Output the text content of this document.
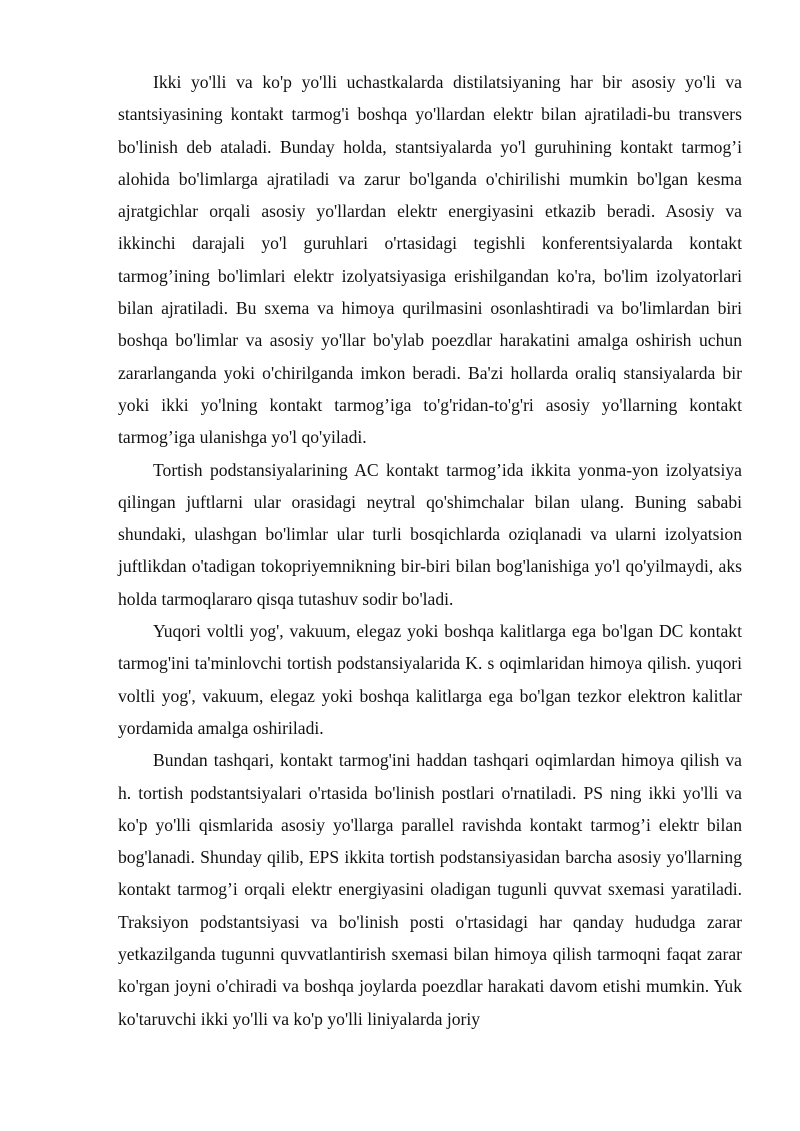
Ikki yo'lli va ko'p yo'lli uchastkalarda distilatsiyaning har bir asosiy yo'li va stantsiyasining kontakt tarmog'i boshqa yo'llardan elektr bilan ajratiladi-bu transvers bo'linish deb ataladi. Bunday holda, stantsiyalarda yo'l guruhining kontakt tarmog’i alohida bo'limlarga ajratiladi va zarur bo'lganda o'chirilishi mumkin bo'lgan kesma ajratgichlar orqali asosiy yo'llardan elektr energiyasini etkazib beradi. Asosiy va ikkinchi darajali yo'l guruhlari o'rtasidagi tegishli konferentsiyalarda kontakt tarmog’ining bo'limlari elektr izolyatsiyasiga erishilgandan ko'ra, bo'lim izolyatorlari bilan ajratiladi. Bu sxema va himoya qurilmasini osonlashtiradi va bo'limlardan biri boshqa bo'limlar va asosiy yo'llar bo'ylab poezdlar harakatini amalga oshirish uchun zararlanganda yoki o'chirilganda imkon beradi. Ba'zi hollarda oraliq stansiyalarda bir yoki ikki yo'lning kontakt tarmog’iga to'g'ridan-to'g'ri asosiy yo'llarning kontakt tarmog’iga ulanishga yo'l qo'yiladi.

Tortish podstansiyalarining AC kontakt tarmog’ida ikkita yonma-yon izolyatsiya qilingan juftlarni ular orasidagi neytral qo'shimchalar bilan ulang. Buning sababi shundaki, ulashgan bo'limlar ular turli bosqichlarda oziqlanadi va ularni izolyatsion juftlikdan o'tadigan tokopriyemnikning bir-biri bilan bog'lanishiga yo'l qo'yilmaydi, aks holda tarmoqlararo qisqa tutashuv sodir bo'ladi.

Yuqori voltli yog', vakuum, elegaz yoki boshqa kalitlarga ega bo'lgan DC kontakt tarmog'ini ta'minlovchi tortish podstansiyalarida K. s oqimlaridan himoya qilish. yuqori voltli yog', vakuum, elegaz yoki boshqa kalitlarga ega bo'lgan tezkor elektron kalitlar yordamida amalga oshiriladi.

Bundan tashqari, kontakt tarmog'ini haddan tashqari oqimlardan himoya qilish va h. tortish podstantsiyalari o'rtasida bo'linish postlari o'rnatiladi. PS ning ikki yo'lli va ko'p yo'lli qismlarida asosiy yo'llarga parallel ravishda kontakt tarmog’i elektr bilan bog'lanadi. Shunday qilib, EPS ikkita tortish podstansiyasidan barcha asosiy yo'llarning kontakt tarmog’i orqali elektr energiyasini oladigan tugunli quvvat sxemasi yaratiladi. Traksiyon podstantsiyasi va bo'linish posti o'rtasidagi har qanday hududga zarar yetkazilganda tugunni quvvatlantirish sxemasi bilan himoya qilish tarmoqni faqat zarar ko'rgan joyni o'chiradi va boshqa joylarda poezdlar harakati davom etishi mumkin. Yuk ko'taruvchi ikki yo'lli va ko'p yo'lli liniyalarda joriy
